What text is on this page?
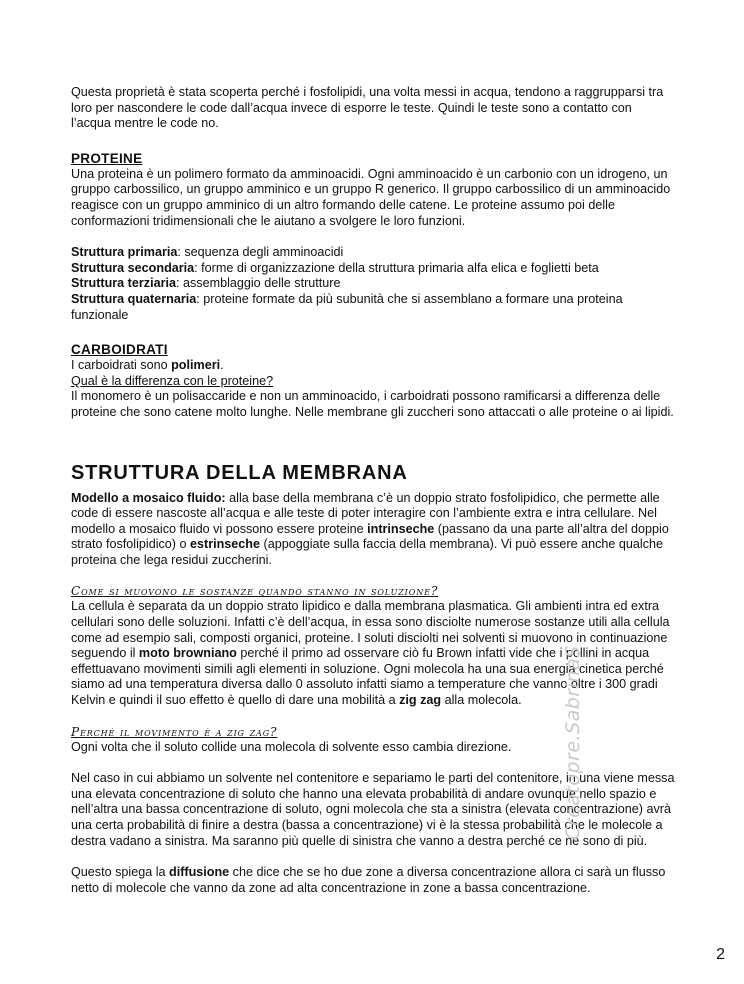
Questa proprietà è stata scoperta perché i fosfolipidi, una volta messi in acqua, tendono a raggrupparsi tra loro per nascondere le code dall’acqua invece di esporre le teste. Quindi le teste sono a contatto con l’acqua mentre le code no.

PROTEINE

Una proteina è un polimero formato da amminoacidi. Ogni amminoacido è un carbonio con un idrogeno, un gruppo carbossilico, un gruppo amminico e un gruppo R generico. Il gruppo carbossilico di un amminoacido reagisce con un gruppo amminico di un altro formando delle catene. Le proteine assumo poi delle conformazioni tridimensionali che le aiutano a svolgere le loro funzioni.

Struttura primaria: sequenza degli amminoacidi

Struttura secondaria: forme di organizzazione della struttura primaria alfa elica e foglietti beta

Struttura terziaria: assemblaggio delle strutture

Struttura quaternaria: proteine formate da più subunità che si assemblano a formare una proteina funzionale

CARBOIDRATI

I carboidrati sono polimeri.

Qual è la differenza con le proteine?

Il monomero è un polisaccaride e non un amminoacido, i carboidrati possono ramificarsi a differenza delle proteine che sono catene molto lunghe. Nelle membrane gli zuccheri sono attaccati o alle proteine o ai lipidi.

STRUTTURA DELLA MEMBRANA

Modello a mosaico fluido: alla base della membrana c’è un doppio strato fosfolipidico, che permette alle code di essere nascoste all’acqua e alle teste di poter interagire con l’ambiente extra e intra cellulare. Nel modello a mosaico fluido vi possono essere proteine intrinseche (passano da una parte all’altra del doppio strato fosfolipidico) o estrinseche (appoggiate sulla faccia della membrana). Vi può essere anche qualche proteina che lega residui zuccherini.

Come si muovono le sostanze quando stanno in soluzione?

La cellula è separata da un doppio strato lipidico e dalla membrana plasmatica. Gli ambienti intra ed extra cellulari sono delle soluzioni. Infatti c’è dell’acqua, in essa sono disciolte numerose sostanze utili alla cellula come ad esempio sali, composti organici, proteine. I soluti disciolti nei solventi si muovono in continuazione seguendo il moto browniano perché il primo ad osservare ciò fu Brown infatti vide che i pollini in acqua effettuavano movimenti simili agli elementi in soluzione. Ogni molecola ha una sua energia cinetica perché siamo ad una temperatura diversa dallo 0 assoluto infatti siamo a temperature che vanno oltre i 300 gradi Kelvin e quindi il suo effetto è quello di dare una mobilità a zig zag alla molecola.

Perché il movimento è a zig zag?

Ogni volta che il soluto collide una molecola di solvente esso cambia direzione.

Nel caso in cui abbiamo un solvente nel contenitore e separiamo le parti del contenitore, in una viene messa una elevata concentrazione di soluto che hanno una elevata probabilità di andare ovunque nello spazio e nell’altra una bassa concentrazione di soluto, ogni molecola che sta a sinistra (elevata concentrazione) avrà una certa probabilità di finire a destra (bassa a concentrazione) vi è la stessa probabilità che le molecole a destra vadano a sinistra. Ma saranno più quelle di sinistra che vanno a destra perché ce ne sono di più.

Questo spiega la diffusione che dice che se ho due zone a diversa concentrazione allora ci sarà un flusso netto di molecole che vanno da zone ad alta concentrazione in zone a bassa concentrazione.

Creatopre.SabrinaS
2
